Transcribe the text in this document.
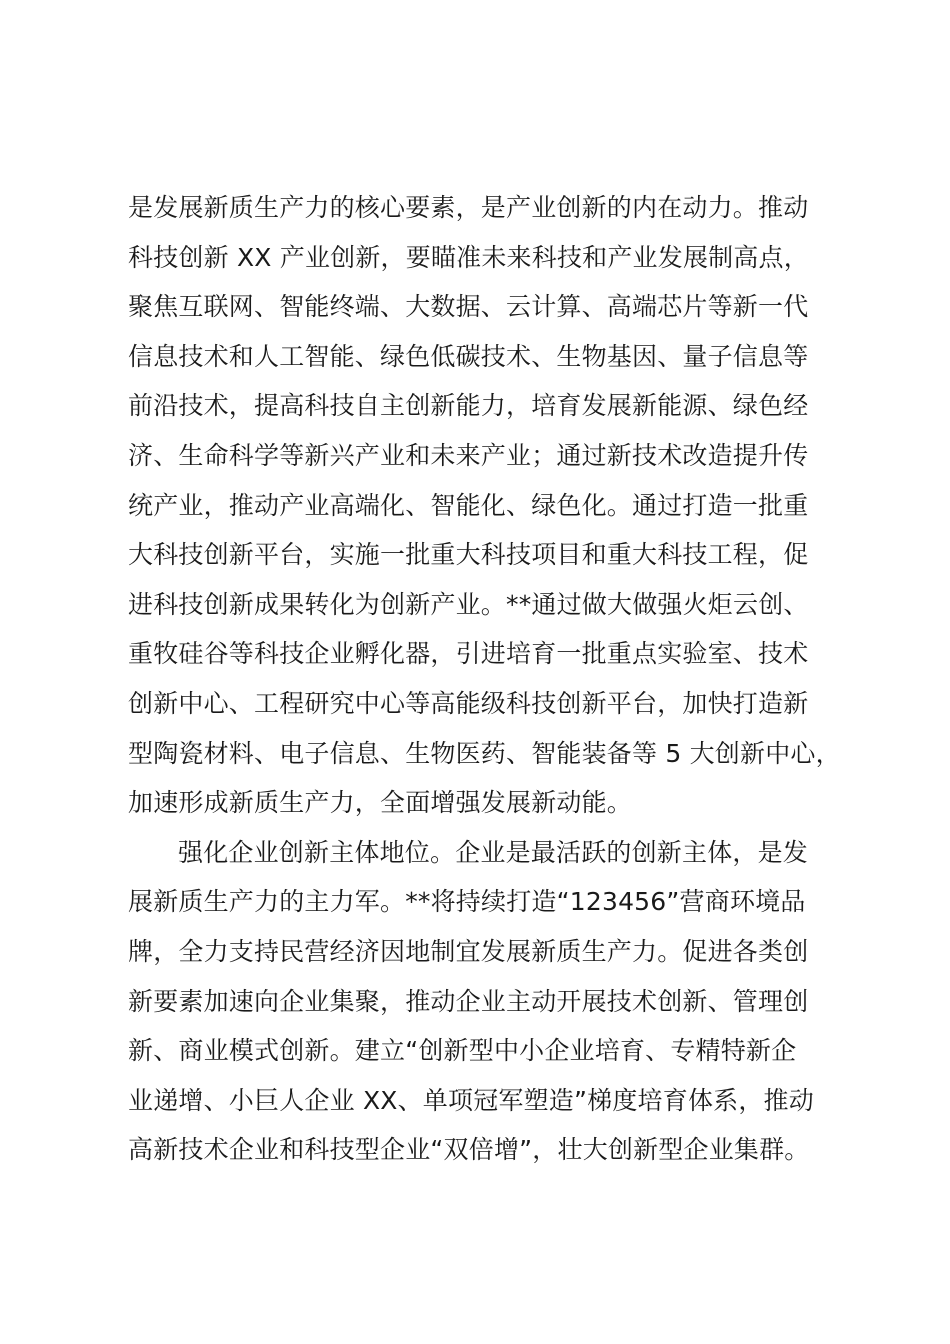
是发展新质生产力的核心要素，是产业创新的内在动力。推动
科技创新 XX 产业创新，要瞄准未来科技和产业发展制高点，
聚焦互联网、智能终端、大数据、云计算、高端芯片等新一代
信息技术和人工智能、绿色低碳技术、生物基因、量子信息等
前沿技术，提高科技自主创新能力，培育发展新能源、绿色经
济、生命科学等新兴产业和未来产业；通过新技术改造提升传
统产业，推动产业高端化、智能化、绿色化。通过打造一批重
大科技创新平台，实施一批重大科技项目和重大科技工程，促
进科技创新成果转化为创新产业。**通过做大做强火炬云创、
重牧硅谷等科技企业孵化器，引进培育一批重点实验室、技术
创新中心、工程研究中心等高能级科技创新平台，加快打造新
型陶瓷材料、电子信息、生物医药、智能装备等 5 大创新中心，
加速形成新质生产力，全面增强发展新动能。
强化企业创新主体地位。企业是最活跃的创新主体，是发
展新质生产力的主力军。**将持续打造“123456”营商环境品
牌，全力支持民营经济因地制宜发展新质生产力。促进各类创
新要素加速向企业集聚，推动企业主动开展技术创新、管理创
新、商业模式创新。建立“创新型中小企业培育、专精特新企
业递增、小巨人企业 XX、单项冠军塑造”梯度培育体系，推动
高新技术企业和科技型企业“双倍增”，壮大创新型企业集群。
